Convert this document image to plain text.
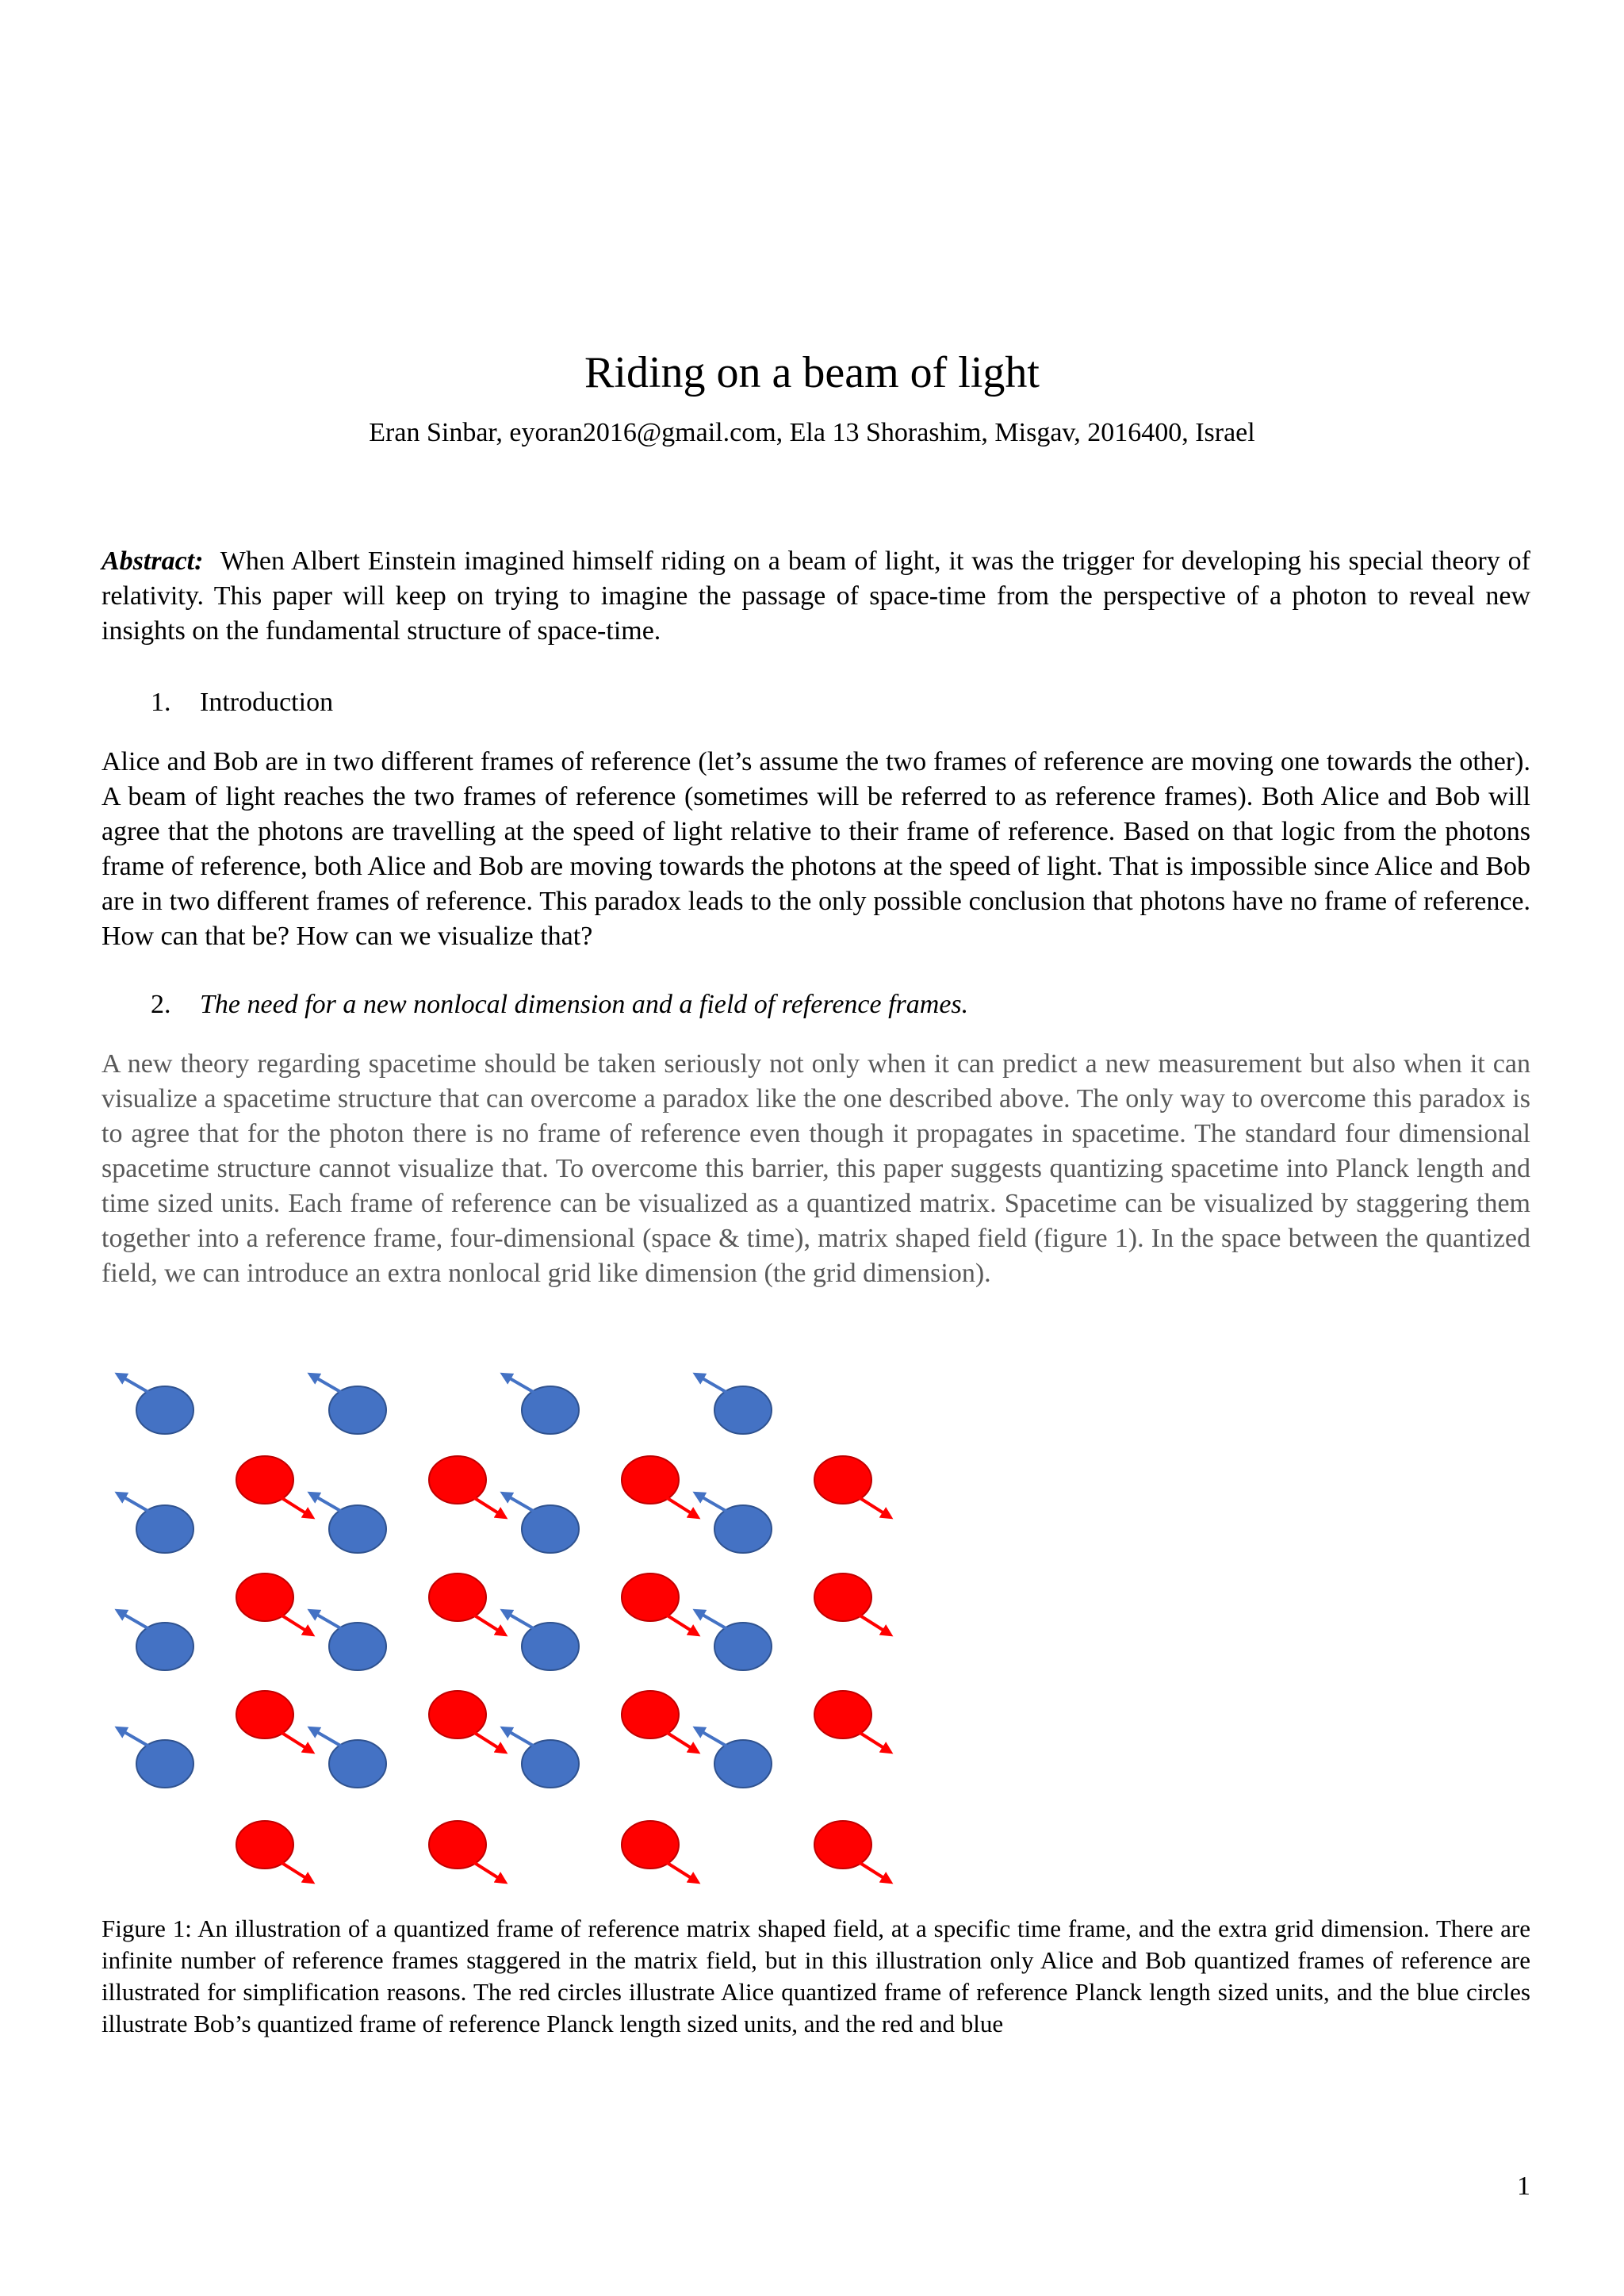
Riding on a beam of light
Eran Sinbar, eyoran2016@gmail.com, Ela 13 Shorashim, Misgav, 2016400, Israel
Abstract: When Albert Einstein imagined himself riding on a beam of light, it was the trigger for developing his special theory of relativity. This paper will keep on trying to imagine the passage of space-time from the perspective of a photon to reveal new insights on the fundamental structure of space-time.
1. Introduction
Alice and Bob are in two different frames of reference (let’s assume the two frames of reference are moving one towards the other). A beam of light reaches the two frames of reference (sometimes will be referred to as reference frames). Both Alice and Bob will agree that the photons are travelling at the speed of light relative to their frame of reference. Based on that logic from the photons frame of reference, both Alice and Bob are moving towards the photons at the speed of light. That is impossible since Alice and Bob are in two different frames of reference. This paradox leads to the only possible conclusion that photons have no frame of reference. How can that be? How can we visualize that?
2. The need for a new nonlocal dimension and a field of reference frames.
A new theory regarding spacetime should be taken seriously not only when it can predict a new measurement but also when it can visualize a spacetime structure that can overcome a paradox like the one described above. The only way to overcome this paradox is to agree that for the photon there is no frame of reference even though it propagates in spacetime. The standard four dimensional spacetime structure cannot visualize that. To overcome this barrier, this paper suggests quantizing spacetime into Planck length and time sized units. Each frame of reference can be visualized as a quantized matrix. Spacetime can be visualized by staggering them together into a reference frame, four-dimensional (space & time), matrix shaped field (figure 1). In the space between the quantized field, we can introduce an extra nonlocal grid like dimension (the grid dimension).
Figure 1: An illustration of a quantized frame of reference matrix shaped field, at a specific time frame, and the extra grid dimension. There are infinite number of reference frames staggered in the matrix field, but in this illustration only Alice and Bob quantized frames of reference are illustrated for simplification reasons. The red circles illustrate Alice quantized frame of reference Planck length sized units, and the blue circles illustrate Bob’s quantized frame of reference Planck length sized units, and the red and blue
1
